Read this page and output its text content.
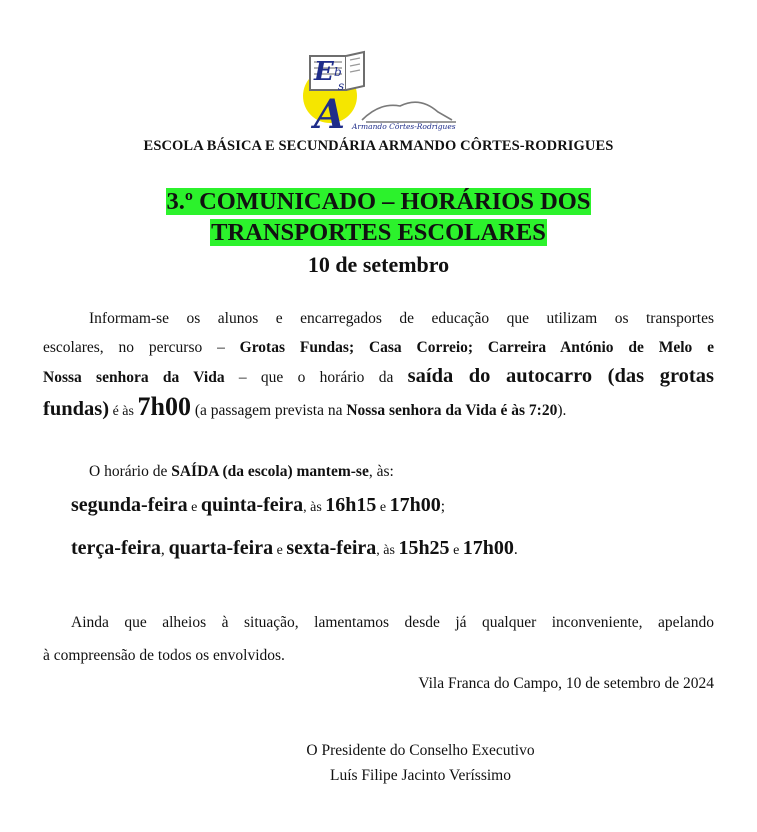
E b
s
A Armando Côrtes-Rodrigues
ESCOLA BÁSICA E SECUNDÁRIA ARMANDO CÔRTES-RODRIGUES
3.º COMUNICADO – HORÁRIOS DOS
TRANSPORTES ESCOLARES
10 de setembro
Informam-se os alunos e encarregados de educação que utilizam os transportes
escolares, no percurso – Grotas Fundas; Casa Correio; Carreira António de Melo e
Nossa senhora da Vida – que o horário da saída do autocarro (das grotas
fundas) é às 7h00 (a passagem prevista na Nossa senhora da Vida é às 7:20).
O horário de SAÍDA (da escola) mantem-se, às:
segunda-feira e quinta-feira, às 16h15 e 17h00;
terça-feira, quarta-feira e sexta-feira, às 15h25 e 17h00.
Ainda que alheios à situação, lamentamos desde já qualquer inconveniente, apelando
à compreensão de todos os envolvidos.
Vila Franca do Campo, 10 de setembro de 2024
O Presidente do Conselho Executivo
Luís Filipe Jacinto Veríssimo
